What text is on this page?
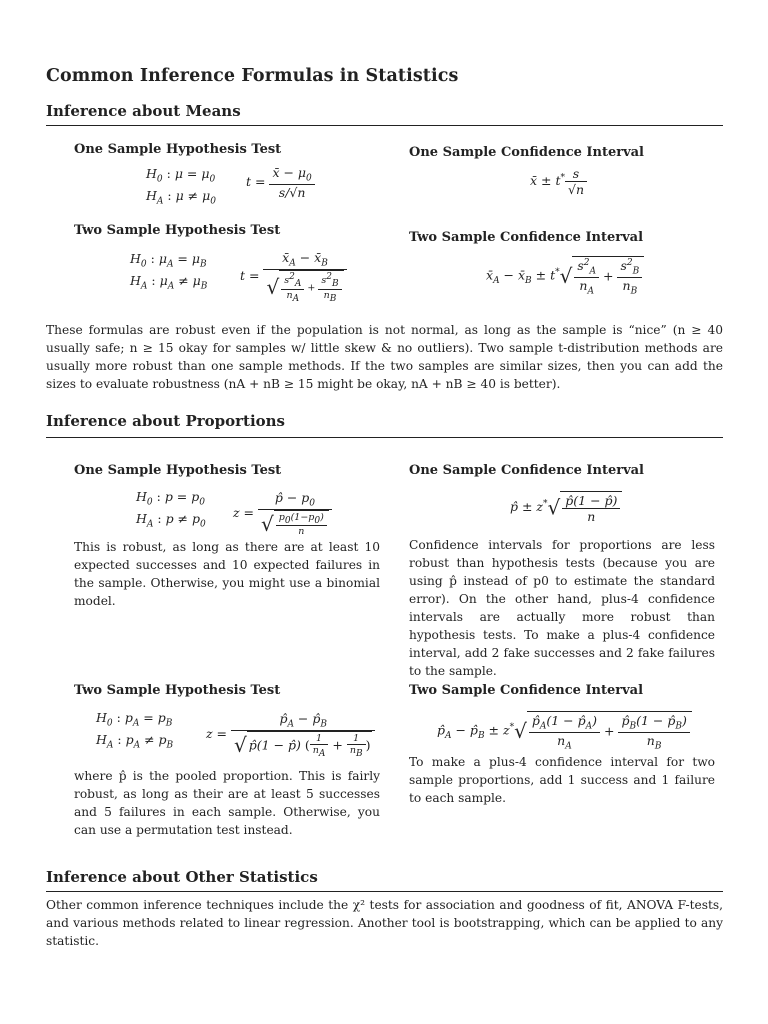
Common Inference Formulas in Statistics
Inference about Means
One Sample Hypothesis Test
$H_0$ : $\mu = \mu_0$
$H_A$ : $\mu \ne \mu_0$
$t = \frac{x̄ - \mu_0}{s/√n}$
One Sample Confidence Interval
x̄ ± $t^* \frac{s}{√n}$
Two Sample Hypothesis Test
$H_0$ : $\mu_A = \mu_B$
$H_A$ : $\mu_A \ne \mu_B$
$t = \frac{x̄_A - x̄_B}{√ \frac{s^2_A}{n_A} + \frac{s^2_B}{n_B}}$
Two Sample Confidence Interval
$x̄_A$ − $x̄_B \pm t^*√ \frac{s^2_A}{n_A} + \frac{s^2_B}{n_B}$
These formulas are robust even if the population is not normal, as long as the sample is “nice” (n ≥ 40 usually safe; n ≥ 15 okay for samples w/ little skew & no outliers). Two sample t-distribution methods are usually more robust than one sample methods. If the two samples are similar sizes, then you can add the sizes to evaluate robustness (nA + nB ≥ 15 might be okay, nA + nB ≥ 40 is better).
Inference about Proportions
One Sample Hypothesis Test
$H_0$ : $p = p_0$
$H_A$ : $p \ne p_0$
$z = \frac{p̂ - p_0}{√ \frac{p_0(1-p_0)}{n}}$
This is robust, as long as there are at least 10 expected successes and 10 expected failures in the sample. Otherwise, you might use a binomial model.
One Sample Confidence Interval
p̂ ± $z^*√ \frac{p̂(1 - p̂)}{n}$
Confidence intervals for proportions are less robust than hypothesis tests (because you are using p̂ instead of p0 to estimate the standard error). On the other hand, plus-4 confidence intervals are actually more robust than hypothesis tests. To make a plus-4 confidence interval, add 2 fake successes and 2 fake failures to the sample.
Two Sample Hypothesis Test
$H_0$ : $p_A = p_B$
$H_A$ : $p_A \ne p_B$
$z = \frac{p̂_A - p̂_B}{√ p̂(1 - p̂) ( \frac{1}{n_A} + \frac{1}{n_B} )}$
where p̂ is the pooled proportion. This is fairly robust, as long as their are at least 5 successes and 5 failures in each sample. Otherwise, you can use a permutation test instead.
Two Sample Confidence Interval
$p̂_A$ − $p̂_B \pm z^*√ \frac{p̂_A(1 - p̂_A)}{n_A} + \frac{p̂_B(1 - p̂_B)}{n_B}$
To make a plus-4 confidence interval for two sample proportions, add 1 success and 1 failure to each sample.
Inference about Other Statistics
Other common inference techniques include the χ² tests for association and goodness of fit, ANOVA F-tests, and various methods related to linear regression. Another tool is bootstrapping, which can be applied to any statistic.
